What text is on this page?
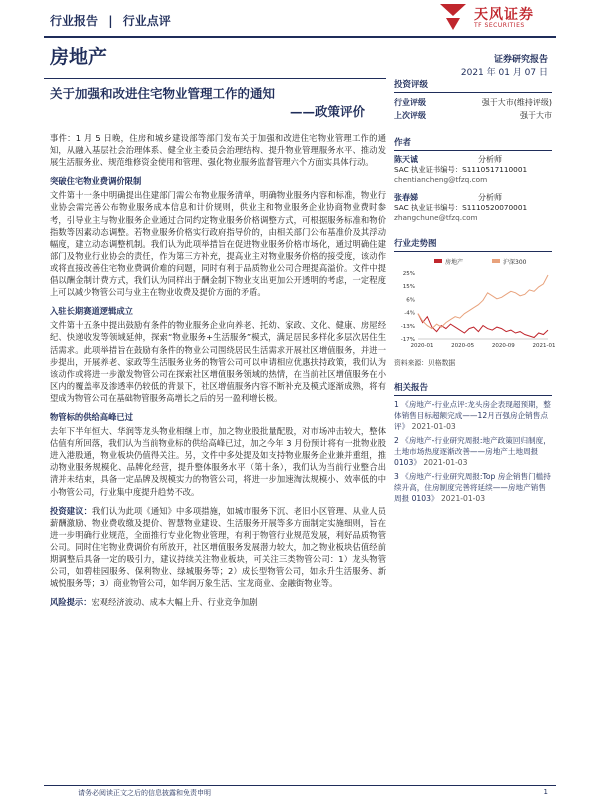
行业报告 | 行业点评	天风证券
TF SECURITIES
房地产	证券研究报告
2021 年 01 月 07 日
关于加强和改进住宅物业管理工作的通知
——政策评价

事件：1 月 5 日晚，住房和城乡建设部等部门发布关于加强和改进住宅物业管理工作的通知，从融入基层社会治理体系、健全业主委员会治理结构、提升物业管理服务水平、推动发展生活服务业、规范维修资金使用和管理、强化物业服务监督管理六个方面实具体行动。

突破住宅物业费调价限制

文件第十一条中明确提出住建部门需公布物业服务清单，明确物业服务内容和标准，物业行业协会需完善公布物业服务成本信息和计价规则，供业主和物业服务企业协商物业费时参考，引导业主与物业服务企业通过合同约定物业服务价格调整方式，可根据服务标准和物价指数等因素动态调整。若物业服务价格实行政府指导价的，由相关部门公布基准价及其浮动幅度，建立动态调整机制。我们认为此项举措旨在促进物业服务价格市场化，通过明确住建部门及物业行业协会的责任，作为第三方补充，提高业主对物业服务价格的接受度，该动作或将直接改善住宅物业费调价难的问题，同时有利于品质物业公司合理提高溢价。文件中提倡以酬金制计费方式，我们认为同样出于酬金制下物业支出更加公开透明的考虑，一定程度上可以减少物管公司与业主在物业收费及提价方面的矛盾。

入驻长期赛道逻辑成立

文件第十五条中提出鼓励有条件的物业服务企业向养老、托幼、家政、文化、健康、房屋经纪、快递收发等领域延伸，探索“物业服务+生活服务”模式，满足居民多样化多层次居住生活需求。此项举措旨在鼓励有条件的物业公司围绕居民生活需求开展社区增值服务，并进一步提出，开展养老、家政等生活服务业务的物管公司可以申请相应优惠扶持政策，我们认为该动作或将进一步激发物管公司在探索社区增值服务领域的热情，在当前社区增值服务在小区内的覆盖率及渗透率仍较低的背景下，社区增值服务内容不断补充及模式逐渐成熟，将有望成为物管公司在基础物管服务高增长之后的另一盈利增长极。

物管标的供给高峰已过

去年下半年恒大、华润等龙头物业相继上市，加之物业股批量配股，对市场冲击较大，整体估值有所回落，我们认为当前物业标的供给高峰已过，加之今年 3 月份预计将有一批物业股进入港股通，物业板块仍值得关注。另，文件中多处提及如支持物业服务企业兼并重组，推动物业服务规模化、品牌化经营，提升整体服务水平（第十条），我们认为当前行业整合出清并未结束，具备一定品牌及规模实力的物管公司，将进一步加速淘汰规模小、效率低的中小物管公司，行业集中度提升趋势不改。

投资建议：我们认为此项《通知》中多项措施，如城市服务下沉、老旧小区管理、从业人员薪酬激励、物业费收缴及提价、智慧物业建设、生活服务开展等多方面制定实施细则，旨在进一步明确行业规范，全面推行专业化物业管理，有利于物管行业规范发展，利好品质物管公司。同时住宅物业费调价有所放开，社区增值服务发展潜力较大，加之物业板块估值经前期调整后具备一定的吸引力，建议持续关注物业板块，可关注三类物管公司：1）龙头物管公司，如碧桂园服务、保利物业、绿城服务等；2）成长型物管公司，如永升生活服务、新城悦服务等；3）商业物管公司，如华润万象生活、宝龙商业、金融街物业等。

风险提示：宏观经济波动、成本大幅上升、行业竞争加剧

投资评级
行业评级	强于大市(维持评级)
上次评级	强于大市
作者
陈天诚	分析师
SAC 执业证书编号：S1110517110001
chentiancheng@tfzq.com
张春娣	分析师
SAC 执业证书编号：S1110520070001
zhangchune@tfzq.com
行业走势图
房地产	沪深300
25%
15%
6%
-4%
-13%
-17%
2020-01	2020-05	2020-09	2021-01
资料来源：贝格数据
相关报告
1 《房地产-行业点评:龙头房企表现超预期，整体销售目标超额完成——12月百强房企销售点评》 2021-01-03
2 《房地产-行业研究周报:地产政策回归制度，土地市场热度逐渐改善——房地产土地周报 0103》 2021-01-03
3 《房地产-行业研究周报:Top 房企销售门槛持续升高，住房制度完善将延续——房地产销售周报 0103》 2021-01-03
请务必阅读正文之后的信息披露和免责申明	1
